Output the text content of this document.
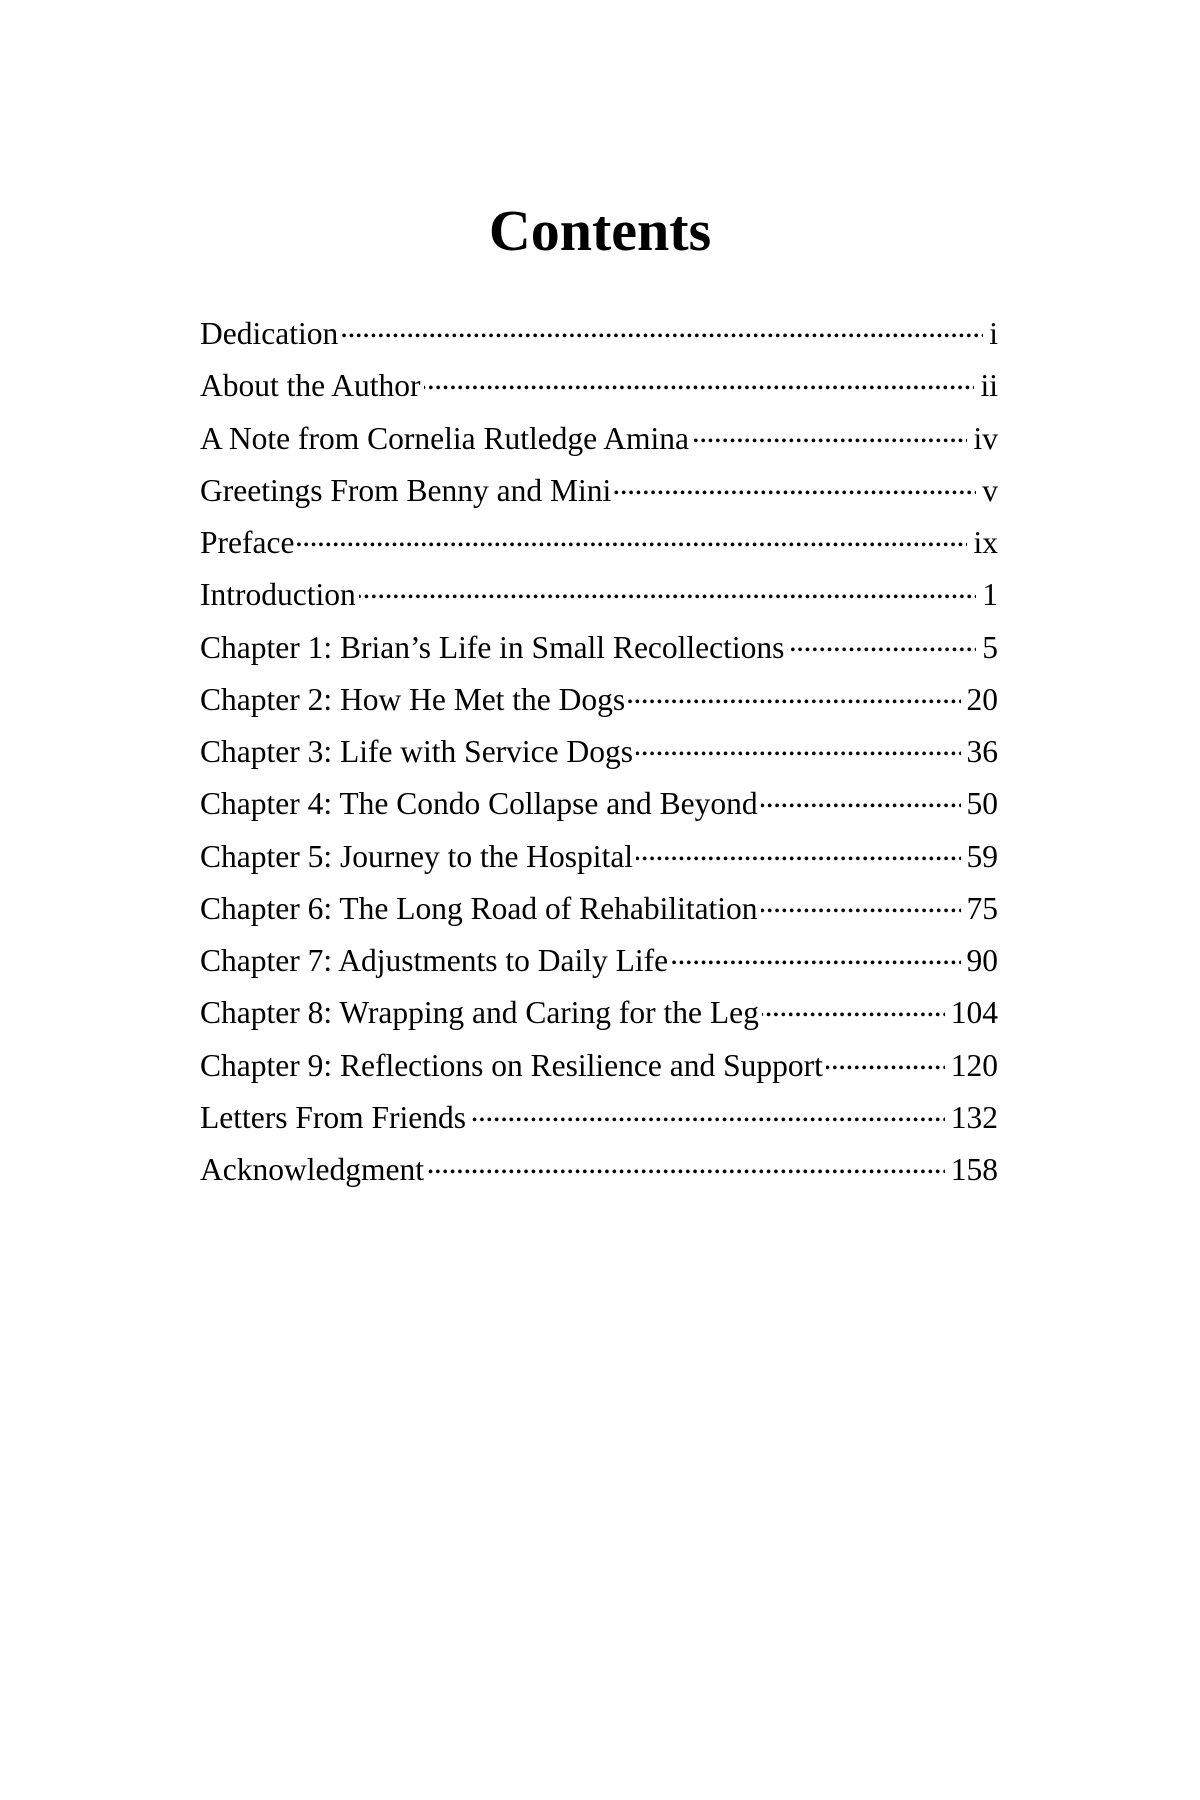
Contents
Dedication . . .	i
About the Author . . .	ii
A Note from Cornelia Rutledge Amina . . .	iv
Greetings From Benny and Mini . . .	v
Preface . . .	ix
Introduction . . .	1
Chapter 1: Brian’s Life in Small Recollections . . .	5
Chapter 2: How He Met the Dogs . . .	20
Chapter 3: Life with Service Dogs . . .	36
Chapter 4: The Condo Collapse and Beyond . . .	50
Chapter 5: Journey to the Hospital . . .	59
Chapter 6: The Long Road of Rehabilitation . . .	75
Chapter 7: Adjustments to Daily Life . . .	90
Chapter 8: Wrapping and Caring for the Leg . . .	104
Chapter 9: Reflections on Resilience and Support . . .	120
Letters From Friends . . .	132
Acknowledgment . . .	158
